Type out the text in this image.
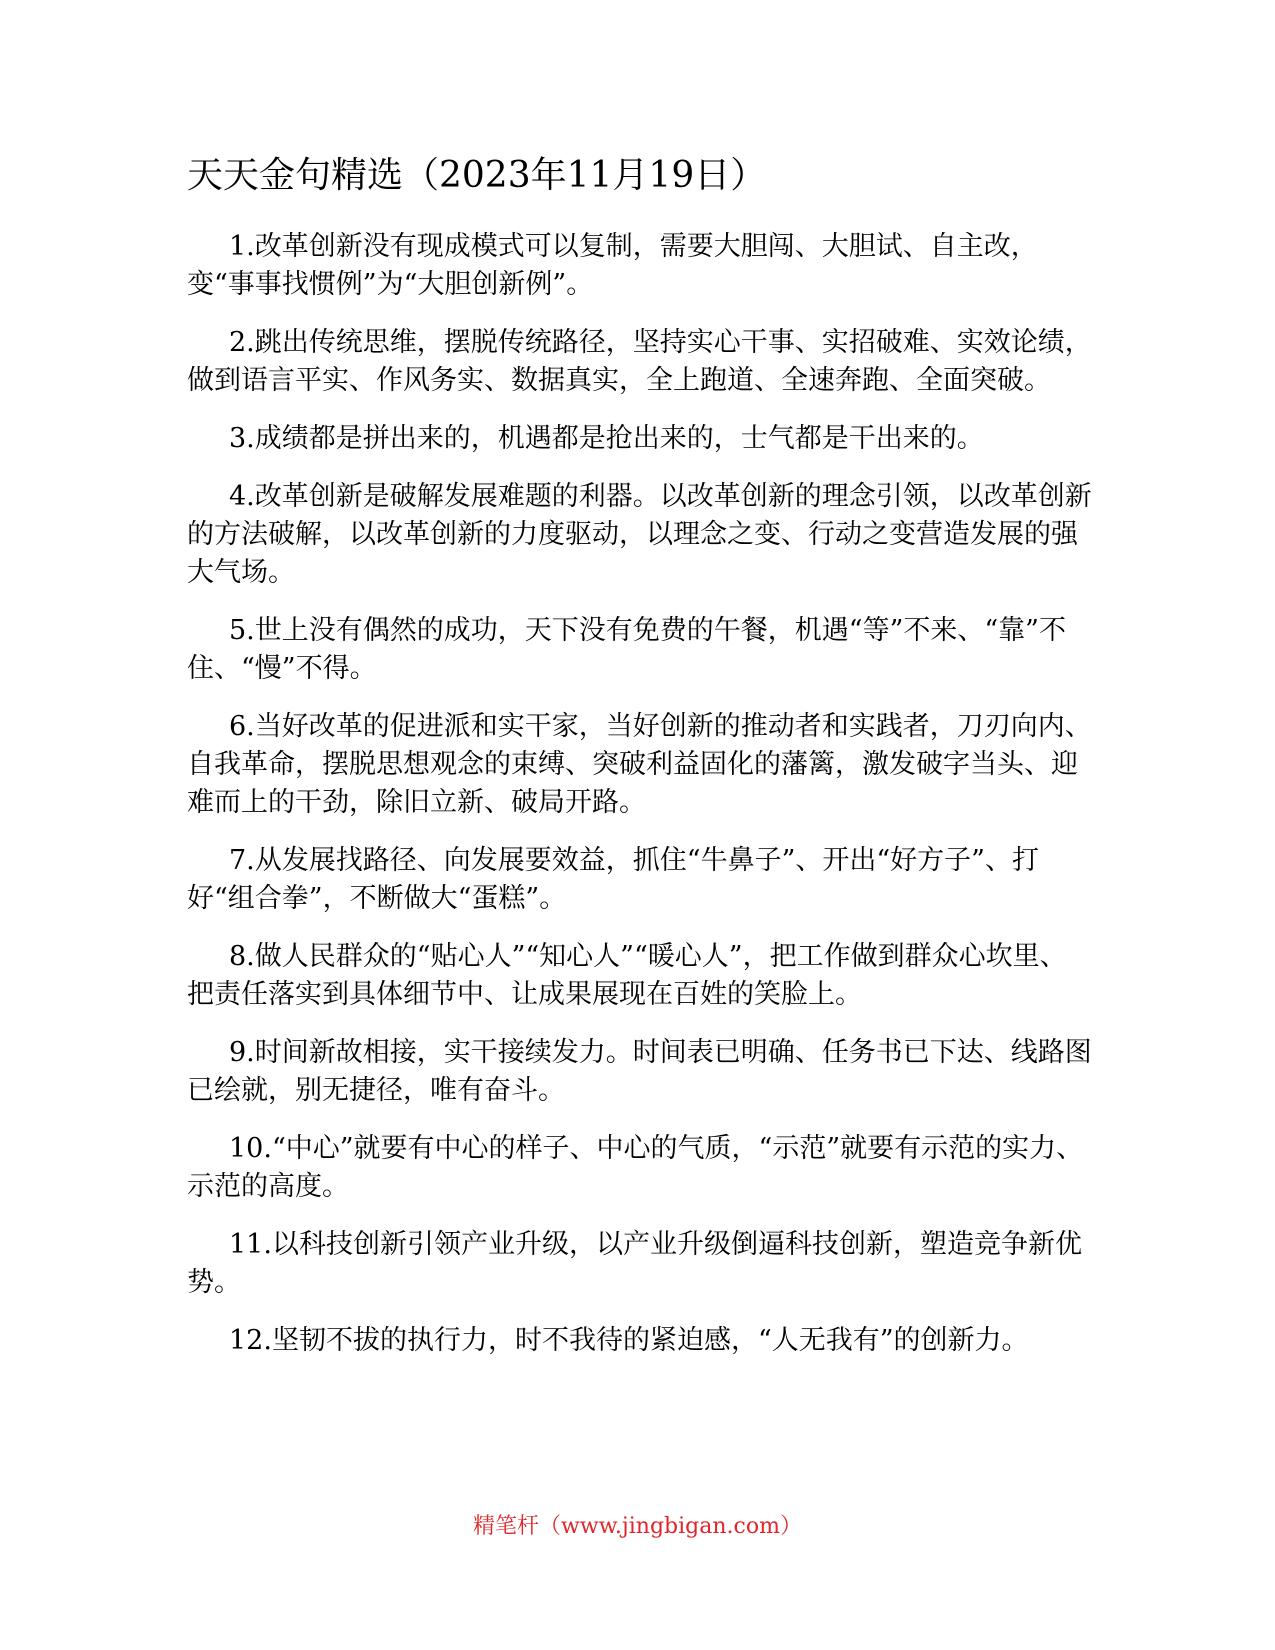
天天金句精选（2023年11月19日）
1.改革创新没有现成模式可以复制，需要大胆闯、大胆试、自主改，变“事事找惯例”为“大胆创新例”。
2.跳出传统思维，摆脱传统路径，坚持实心干事、实招破难、实效论绩，做到语言平实、作风务实、数据真实，全上跑道、全速奔跑、全面突破。
3.成绩都是拼出来的，机遇都是抢出来的，士气都是干出来的。
4.改革创新是破解发展难题的利器。以改革创新的理念引领，以改革创新的方法破解，以改革创新的力度驱动，以理念之变、行动之变营造发展的强大气场。
5.世上没有偶然的成功，天下没有免费的午餐，机遇“等”不来、“靠”不住、“慢”不得。
6.当好改革的促进派和实干家，当好创新的推动者和实践者，刀刃向内、自我革命，摆脱思想观念的束缚、突破利益固化的藩篱，激发破字当头、迎难而上的干劲，除旧立新、破局开路。
7.从发展找路径、向发展要效益，抓住“牛鼻子”、开出“好方子”、打好“组合拳”，不断做大“蛋糕”。
8.做人民群众的“贴心人”“知心人”“暖心人”，把工作做到群众心坎里、把责任落实到具体细节中、让成果展现在百姓的笑脸上。
9.时间新故相接，实干接续发力。时间表已明确、任务书已下达、线路图已绘就，别无捷径，唯有奋斗。
10.“中心”就要有中心的样子、中心的气质，“示范”就要有示范的实力、示范的高度。
11.以科技创新引领产业升级，以产业升级倒逼科技创新，塑造竞争新优势。
12.坚韧不拔的执行力，时不我待的紧迫感，“人无我有”的创新力。
精笔杆（www.jingbigan.com）
